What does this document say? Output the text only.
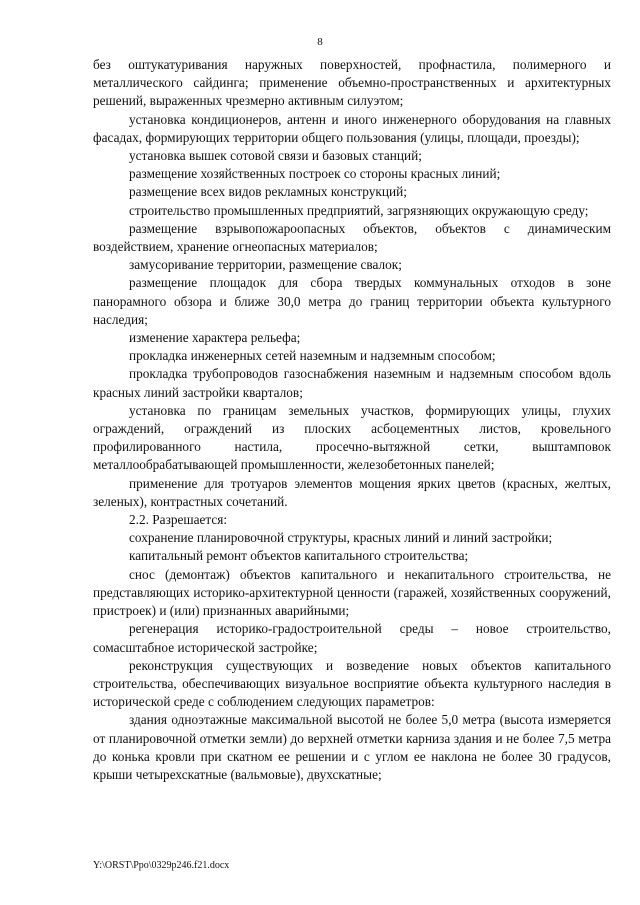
8

без оштукатуривания наружных поверхностей, профнастила, полимерного и металлического сайдинга; применение объемно-пространственных и архитектурных решений, выраженных чрезмерно активным силуэтом;

установка кондиционеров, антенн и иного инженерного оборудования на главных фасадах, формирующих территории общего пользования (улицы, площади, проезды);

установка вышек сотовой связи и базовых станций;

размещение хозяйственных построек со стороны красных линий;

размещение всех видов рекламных конструкций;

строительство промышленных предприятий, загрязняющих окружающую среду;

размещение взрывопожароопасных объектов, объектов с динамическим воздействием, хранение огнеопасных материалов;

замусоривание территории, размещение свалок;

размещение площадок для сбора твердых коммунальных отходов в зоне панорамного обзора и ближе 30,0 метра до границ территории объекта культурного наследия;

изменение характера рельефа;

прокладка инженерных сетей наземным и надземным способом;

прокладка трубопроводов газоснабжения наземным и надземным способом вдоль красных линий застройки кварталов;

установка по границам земельных участков, формирующих улицы, глухих ограждений, ограждений из плоских асбоцементных листов, кровельного профилированного настила, просечно-вытяжной сетки, выштамповок металлообрабатывающей промышленности, железобетонных панелей;

применение для тротуаров элементов мощения ярких цветов (красных, желтых, зеленых), контрастных сочетаний.

2.2. Разрешается:

сохранение планировочной структуры, красных линий и линий застройки;

капитальный ремонт объектов капитального строительства;

снос (демонтаж) объектов капитального и некапитального строительства, не представляющих историко-архитектурной ценности (гаражей, хозяйственных сооружений, пристроек) и (или) признанных аварийными;

регенерация историко-градостроительной среды – новое строительство, сомасштабное исторической застройке;

реконструкция существующих и возведение новых объектов капитального строительства, обеспечивающих визуальное восприятие объекта культурного наследия в исторической среде с соблюдением следующих параметров:

здания одноэтажные максимальной высотой не более 5,0 метра (высота измеряется от планировочной отметки земли) до верхней отметки карниза здания и не более 7,5 метра до конька кровли при скатном ее решении и с углом ее наклона не более 30 градусов, крыши четырехскатные (вальмовые), двухскатные;

Y:\ORST\Ppo\0329p246.f21.docx
